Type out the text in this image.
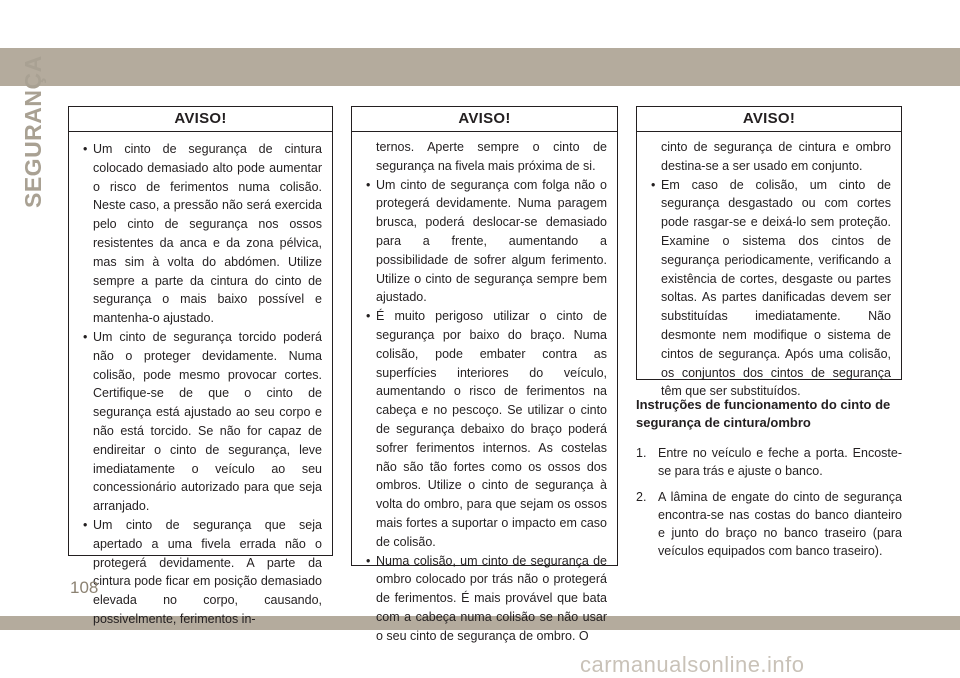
SEGURANÇA	AVISO!
• Um cinto de segurança de cintura colocado demasiado alto pode aumentar o risco de ferimentos numa colisão. Neste caso, a pressão não será exercida pelo cinto de segurança nos ossos resistentes da anca e da zona pélvica, mas sim à volta do abdómen. Utilize sempre a parte da cintura do cinto de segurança o mais baixo possível e mantenha-o ajustado.
• Um cinto de segurança torcido poderá não o proteger devidamente. Numa colisão, pode mesmo provocar cortes. Certifique-se de que o cinto de segurança está ajustado ao seu corpo e não está torcido. Se não for capaz de endireitar o cinto de segurança, leve imediatamente o veículo ao seu concessionário autorizado para que seja arranjado.
• Um cinto de segurança que seja apertado a uma fivela errada não o protegerá devidamente. A parte da cintura pode ficar em posição demasiado elevada no corpo, causando, possivelmente, ferimentos in-
AVISO!
ternos. Aperte sempre o cinto de segurança na fivela mais próxima de si.
• Um cinto de segurança com folga não o protegerá devidamente. Numa paragem brusca, poderá deslocar-se demasiado para a frente, aumentando a possibilidade de sofrer algum ferimento. Utilize o cinto de segurança sempre bem ajustado.
• É muito perigoso utilizar o cinto de segurança por baixo do braço. Numa colisão, pode embater contra as superfícies interiores do veículo, aumentando o risco de ferimentos na cabeça e no pescoço. Se utilizar o cinto de segurança debaixo do braço poderá sofrer ferimentos internos. As costelas não são tão fortes como os ossos dos ombros. Utilize o cinto de segurança à volta do ombro, para que sejam os ossos mais fortes a suportar o impacto em caso de colisão.
• Numa colisão, um cinto de segurança de ombro colocado por trás não o protegerá de ferimentos. É mais provável que bata com a cabeça numa colisão se não usar o seu cinto de segurança de ombro. O
AVISO!
cinto de segurança de cintura e ombro destina-se a ser usado em conjunto.
• Em caso de colisão, um cinto de segurança desgastado ou com cortes pode rasgar-se e deixá-lo sem proteção. Examine o sistema dos cintos de segurança periodicamente, verificando a existência de cortes, desgaste ou partes soltas. As partes danificadas devem ser substituídas imediatamente. Não desmonte nem modifique o sistema de cintos de segurança. Após uma colisão, os conjuntos dos cintos de segurança têm que ser substituídos.
Instruções de funcionamento do cinto de segurança de cintura/ombro
1. Entre no veículo e feche a porta. Encoste-se para trás e ajuste o banco.
2. A lâmina de engate do cinto de segurança encontra-se nas costas do banco dianteiro e junto do braço no banco traseiro (para veículos equipados com banco traseiro).
108
carmanualsonline.info
